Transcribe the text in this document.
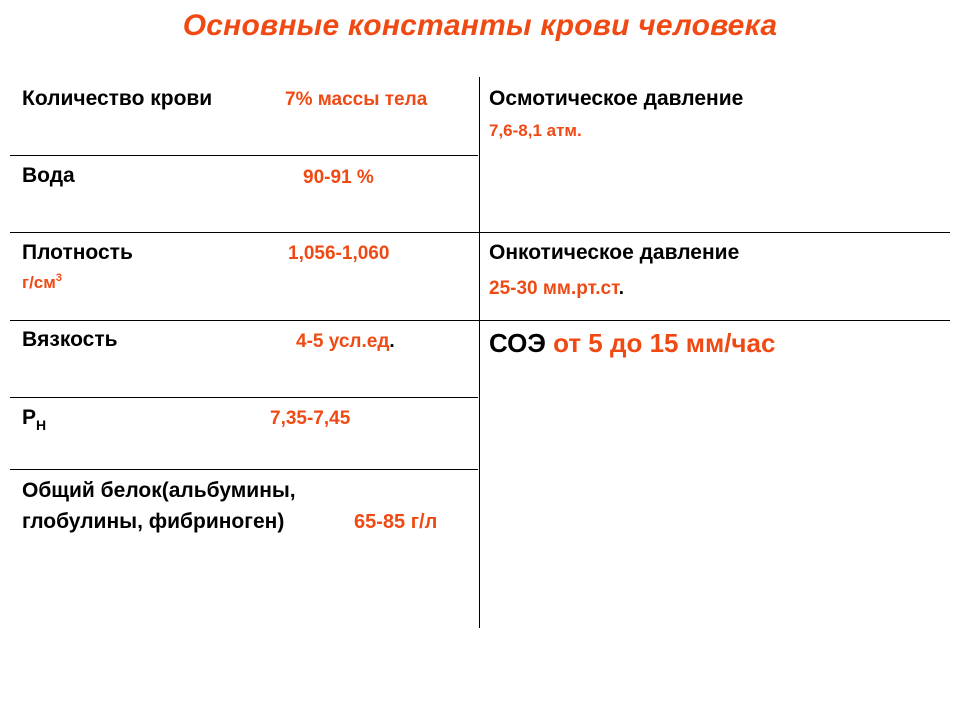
Основные константы крови человека
Количество крови	7% массы тела
Вода	90-91 %
Плотность	1,056-1,060
$г/см^3$
Вязкость	4-5 усл.ед.
$Р_Н$	7,35-7,45
Общий белок(альбумины,
глобулины, фибриноген)	65-85 г/л
Осмотическое давление
7,6-8,1 атм.
Онкотическое давление
25-30 мм.рт.ст.
СОЭ от 5 до 15 мм/час
